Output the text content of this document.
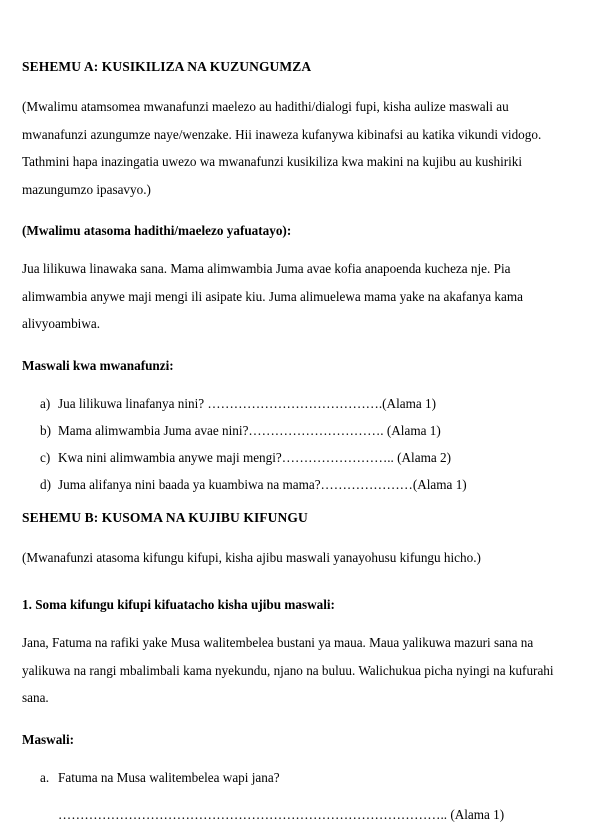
SEHEMU A: KUSIKILIZA NA KUZUNGUMZA

(Mwalimu atamsomea mwanafunzi maelezo au hadithi/dialogi fupi, kisha aulize maswali au mwanafunzi azungumze naye/wenzake. Hii inaweza kufanywa kibinafsi au katika vikundi vidogo. Tathmini hapa inazingatia uwezo wa mwanafunzi kusikiliza kwa makini na kujibu au kushiriki mazungumzo ipasavyo.)

(Mwalimu atasoma hadithi/maelezo yafuatayo):

Jua lilikuwa linawaka sana. Mama alimwambia Juma avae kofia anapoenda kucheza nje. Pia alimwambia anywe maji mengi ili asipate kiu. Juma alimuelewa mama yake na akafanya kama alivyoambiwa.

Maswali kwa mwanafunzi:
a) Jua lilikuwa linafanya nini? ………………………………….(Alama 1)
b) Mama alimwambia Juma avae nini?…………………………. (Alama 1)
c) Kwa nini alimwambia anywe maji mengi?…………………….. (Alama 2)
d) Juma alifanya nini baada ya kuambiwa na mama?…………………(Alama 1)
SEHEMU B: KUSOMA NA KUJIBU KIFUNGU

(Mwanafunzi atasoma kifungu kifupi, kisha ajibu maswali yanayohusu kifungu hicho.)

1. Soma kifungu kifupi kifuatacho kisha ujibu maswali:

Jana, Fatuma na rafiki yake Musa walitembelea bustani ya maua. Maua yalikuwa mazuri sana na yalikuwa na rangi mbalimbali kama nyekundu, njano na buluu. Walichukua picha nyingi na kufurahi sana.

Maswali:
a. Fatuma na Musa walitembelea wapi jana?
…………………………………………………………………………….. (Alama 1)
